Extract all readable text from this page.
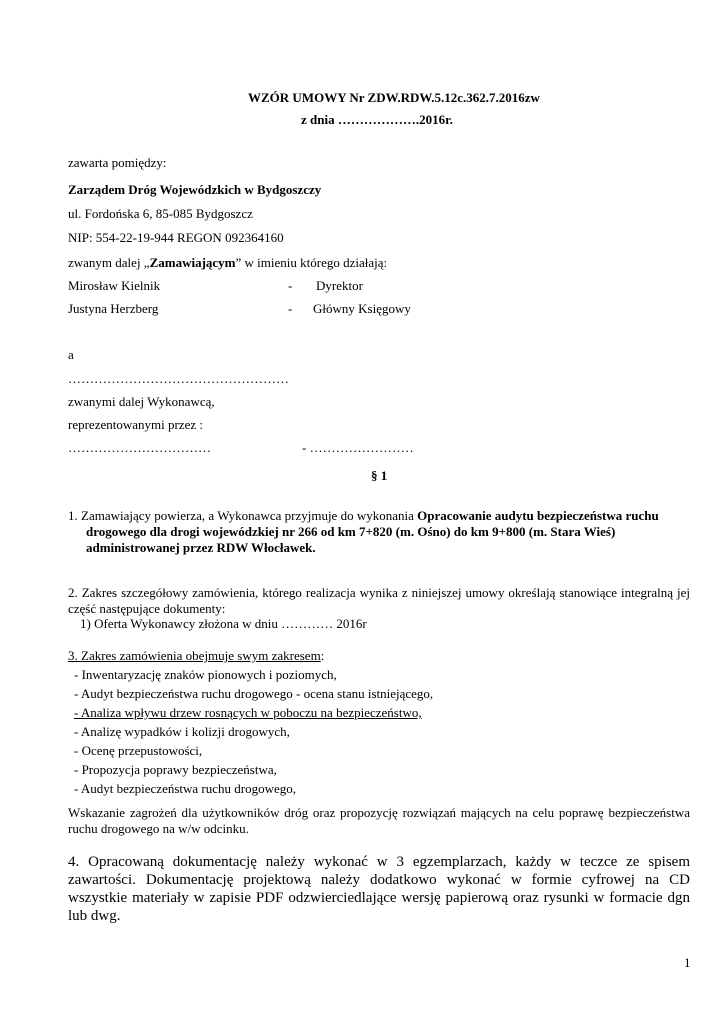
WZÓR UMOWY Nr ZDW.RDW.5.12c.362.7.2016zw
z dnia ……………….2016r.
zawarta pomiędzy:
Zarządem Dróg Wojewódzkich w Bydgoszczy
ul. Fordońska 6, 85-085 Bydgoszcz
NIP: 554-22-19-944 REGON 092364160
zwanym dalej „Zamawiającym” w imieniu którego działają:
Mirosław Kielnik	- Dyrektor
Justyna Herzberg	- Główny Księgowy
a
……………………………………………
zwanymi dalej Wykonawcą,
reprezentowanymi przez :
……………………………	- ……………………
§ 1
1. Zamawiający powierza, a Wykonawca przyjmuje do wykonania Opracowanie audytu bezpieczeństwa ruchu
drogowego dla drogi wojewódzkiej nr 266 od km 7+820 (m. Ośno) do km 9+800 (m. Stara Wieś)
administrowanej przez RDW Włocławek.
2. Zakres szczegółowy zamówienia, którego realizacja wynika z niniejszej umowy określają stanowiące integralną jej część następujące dokumenty:
1) Oferta Wykonawcy złożona w dniu ………… 2016r
3. Zakres zamówienia obejmuje swym zakresem:
- Inwentaryzację znaków pionowych i poziomych,
- Audyt bezpieczeństwa ruchu drogowego - ocena stanu istniejącego,
- Analiza wpływu drzew rosnących w poboczu na bezpieczeństwo,
- Analizę wypadków i kolizji drogowych,
- Ocenę przepustowości,
- Propozycja poprawy bezpieczeństwa,
- Audyt bezpieczeństwa ruchu drogowego,
Wskazanie zagrożeń dla użytkowników dróg oraz propozycję rozwiązań mających na celu poprawę bezpieczeństwa ruchu drogowego na w/w odcinku.
4. Opracowaną dokumentację należy wykonać w 3 egzemplarzach, każdy w teczce ze spisem zawartości. Dokumentację projektową należy dodatkowo wykonać w formie cyfrowej na CD wszystkie materiały w zapisie PDF odzwierciedlające wersję papierową oraz rysunki w formacie dgn lub dwg.
1
